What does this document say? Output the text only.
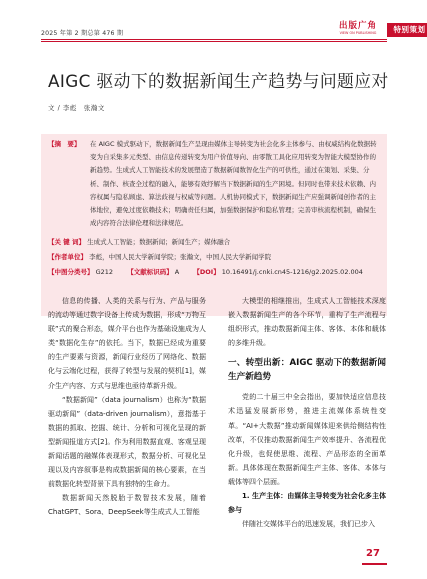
2025 年第 2 期总第 476 期
出版广角
VIEW ON PUBLISHING	特别策划
AIGC 驱动下的数据新闻生产趋势与问题应对
文 / 李彪　张瀚文
【摘　要】 在 AIGC 模式驱动下，数据新闻生产呈现由媒体主导转变为社会化多主体参与、由权威结构化数据转变为自采集多元类型、由信息传递转变为用户价值导向、由零散工具化应用转变为智能大模型协作的新趋势。生成式人工智能技术的发展塑造了数据新闻数智化生产的可供性，通过在策划、采集、分析、制作、核查全过程的融入，能够有效纾解当下数据新闻的生产困境。但同时也带来技术依赖、内容权属与隐私顾虑、算法歧视与权威等问题。人机协同模式下，数据新闻生产应强调新闻创作者的主体地位，避免过度依赖技术；明确责任归属，加强数据保护和隐私管理；完善审核流程机制，确保生成内容符合法律伦理和法律规范。
【关 键 词】 生成式人工智能；数据新闻；新闻生产；媒体融合
【作者单位】 李彪，中国人民大学新闻学院；张瀚文，中国人民大学新闻学院
【中图分类号】 G212 【文献标识码】 A 【DOI】 10.16491/j.cnki.cn45-1216/g2.2025.02.004

信息的传播、人类的关系与行为、产品与服务的流动等通过数字设备上传成为数据，形成“万物互联”式的聚合形态，媒介平台也作为基础设施成为人类“数据化生存”的依托。当下，数据已经成为重要的生产要素与资源，新闻行业经历了网络化、数据化与云端化过程，获得了转型与发展的契机[1]，媒介生产内容、方式与思维也亟待革新升级。

“数据新闻”（data journalism）也称为“数据驱动新闻”（data-driven journalism），意指基于数据的抓取、挖掘、统计、分析和可视化呈现的新型新闻报道方式[2]。作为利用数据直观、客观呈现新闻话题的融媒体表现形式，数据分析、可视化呈现以及内容叙事是构成数据新闻的核心要素，在当前数据化转型背景下具有独特的生命力。

数据新闻天然脱胎于数智技术发展，随着 ChatGPT、Sora、DeepSeek等生成式人工智能

大模型的相继推出，生成式人工智能技术深度嵌入数据新闻生产的各个环节，重构了生产流程与组织形式，推动数据新闻主体、客体、本体和载体的多维升级。

一、转型出新：AIGC 驱动下的数据新闻生产新趋势

党的二十届三中全会指出，要加快适应信息技术迅猛发展新形势，推进主流媒体系统性变革。“AI+大数据”推动新闻媒体迎来供给侧结构性改革，不仅推动数据新闻生产效率提升、各流程优化升级，也促使思维、流程、产品形态的全面革新。具体体现在数据新闻生产主体、客体、本体与载体等四个层面。

1. 生产主体：由媒体主导转变为社会化多主体参与

伴随社交媒体平台的迅速发展，我们已步入

27
